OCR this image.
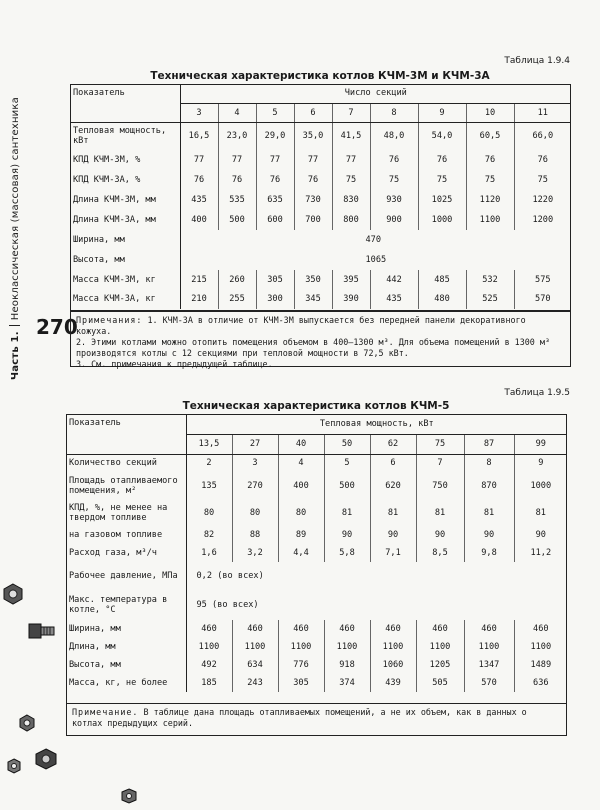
Часть 1.Неоклассическая (массовая) сантехника
270
Таблица 1.9.4
Техническая характеристика котлов КЧМ-3М и КЧМ-3А
Показатель	Число секций								
	3	4	5	6	7	8	9	10	11
Тепловая мощность, кВт	16,5	23,0	29,0	35,0	41,5	48,0	54,0	60,5	66,0
КПД КЧМ-3М, %	77	77	77	77	77	76	76	76	76
КПД КЧМ-3А, %	76	76	76	76	75	75	75	75	75
Длина КЧМ-3М, мм	435	535	635	730	830	930	1025	1120	1220
Длина КЧМ-3А, мм	400	500	600	700	800	900	1000	1100	1200
Ширина, мм	470								
Высота, мм	1065								
Масса КЧМ-3М, кг	215	260	305	350	395	442	485	532	575
Масса КЧМ-3А, кг	210	255	300	345	390	435	480	525	570
Примечания: 1. КЧМ-3А в отличие от КЧМ-3М выпускается без передней панели декоративного кожуха.
2. Этими котлами можно отопить помещения объемом в 400—1300 м³. Для объема помещений в 1300 м³ производятся котлы с 12 секциями при тепловой мощности в 72,5 кВт.
3. См. примечания к предыдущей таблице.
Таблица 1.9.5
Техническая характеристика котлов КЧМ-5
Показатель	Тепловая мощность, кВт							
	13,5	27	40	50	62	75	87	99
Количество секций	2	3	4	5	6	7	8	9
Площадь отапливаемого помещения, м²	135	270	400	500	620	750	870	1000
КПД, %, не менее на твердом топливе	80	80	80	81	81	81	81	81
на газовом топливе	82	88	89	90	90	90	90	90
Расход газа, м³/ч	1,6	3,2	4,4	5,8	7,1	8,5	9,8	11,2
Рабочее давление, МПа	0,2 (во всех)							
Макс. температура в котле, °С	95 (во всех)							
Ширина, мм	460	460	460	460	460	460	460	460
Длина, мм	1100	1100	1100	1100	1100	1100	1100	1100
Высота, мм	492	634	776	918	1060	1205	1347	1489
Масса, кг, не более	185	243	305	374	439	505	570	636
Примечание. В таблице дана площадь отапливаемых помещений, а не их объем, как в данных о котлах предыдущих серий.
